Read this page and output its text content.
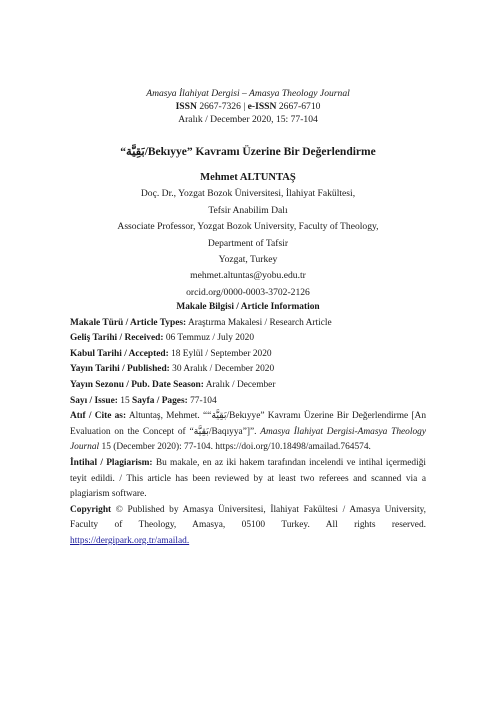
Amasya İlahiyat Dergisi – Amasya Theology Journal
ISSN 2667-7326 | e-ISSN 2667-6710
Aralık / December 2020, 15: 77-104
“بَقِيَّة/Bekıyye” Kavramı Üzerine Bir Değerlendirme
Mehmet ALTUNTAŞ
Doç. Dr., Yozgat Bozok Üniversitesi, İlahiyat Fakültesi,
Tefsir Anabilim Dalı
Associate Professor, Yozgat Bozok University, Faculty of Theology,
Department of Tafsir
Yozgat, Turkey
mehmet.altuntas@yobu.edu.tr
orcid.org/0000-0003-3702-2126

Makale Bilgisi / Article Information

Makale Türü / Article Types: Araştırma Makalesi / Research Article

Geliş Tarihi / Received: 06 Temmuz / July 2020

Kabul Tarihi / Accepted: 18 Eylül / September 2020

Yayın Tarihi / Published: 30 Aralık / December 2020

Yayın Sezonu / Pub. Date Season: Aralık / December

Sayı / Issue: 15 Sayfa / Pages: 77-104

Atıf / Cite as: Altuntaş, Mehmet. ““بَقِيَّة/Bekıyye” Kavramı Üzerine Bir Değerlendirme [An Evaluation on the Concept of “بَقِيَّة/Baqıyya”]”. Amasya İlahiyat Dergisi-Amasya Theology Journal 15 (December 2020): 77-104. https://doi.org/10.18498/amailad.764574.

İntihal / Plagiarism: Bu makale, en az iki hakem tarafından incelendi ve intihal içermediği teyit edildi. / This article has been reviewed by at least two referees and scanned via a plagiarism software.

Copyright © Published by Amasya Üniversitesi, İlahiyat Fakültesi / Amasya University, Faculty of Theology, Amasya, 05100 Turkey. All rights reserved. https://dergipark.org.tr/amailad.
